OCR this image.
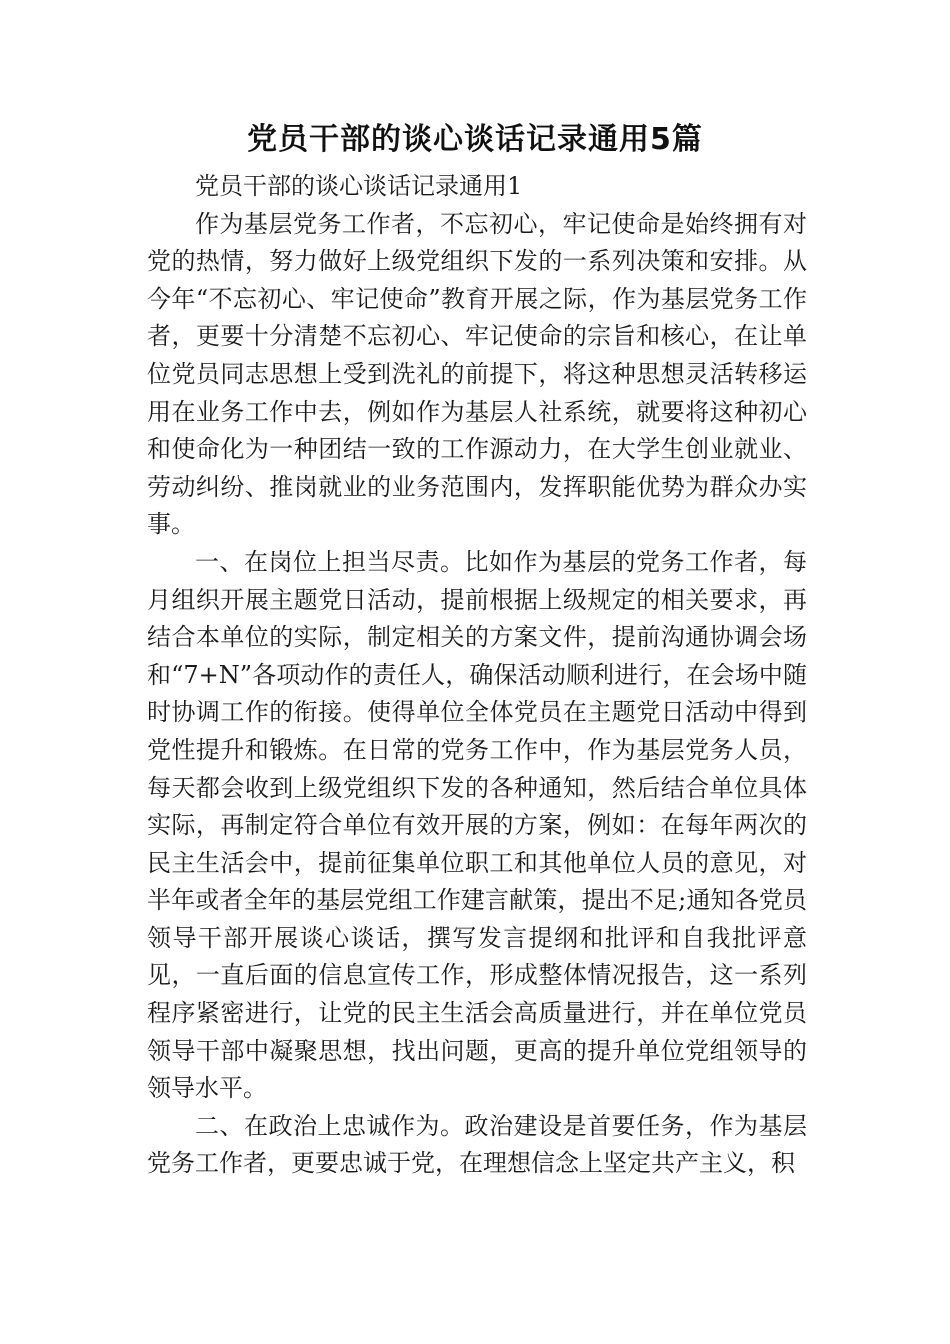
党员干部的谈心谈话记录通用5篇

党员干部的谈心谈话记录通用1

作为基层党务工作者，不忘初心，牢记使命是始终拥有对党的热情，努力做好上级党组织下发的一系列决策和安排。从今年“不忘初心、牢记使命”教育开展之际，作为基层党务工作者，更要十分清楚不忘初心、牢记使命的宗旨和核心，在让单位党员同志思想上受到洗礼的前提下，将这种思想灵活转移运用在业务工作中去，例如作为基层人社系统，就要将这种初心和使命化为一种团结一致的工作源动力，在大学生创业就业、劳动纠纷、推岗就业的业务范围内，发挥职能优势为群众办实事。

一、在岗位上担当尽责。比如作为基层的党务工作者，每月组织开展主题党日活动，提前根据上级规定的相关要求，再结合本单位的实际，制定相关的方案文件，提前沟通协调会场和“7+N”各项动作的责任人，确保活动顺利进行，在会场中随时协调工作的衔接。使得单位全体党员在主题党日活动中得到党性提升和锻炼。在日常的党务工作中，作为基层党务人员，每天都会收到上级党组织下发的各种通知，然后结合单位具体实际，再制定符合单位有效开展的方案，例如：在每年两次的民主生活会中，提前征集单位职工和其他单位人员的意见，对半年或者全年的基层党组工作建言献策，提出不足;通知各党员领导干部开展谈心谈话，撰写发言提纲和批评和自我批评意见，一直后面的信息宣传工作，形成整体情况报告，这一系列程序紧密进行，让党的民主生活会高质量进行，并在单位党员领导干部中凝聚思想，找出问题，更高的提升单位党组领导的领导水平。

二、在政治上忠诚作为。政治建设是首要任务，作为基层党务工作者，更要忠诚于党，在理想信念上坚定共产主义，积
